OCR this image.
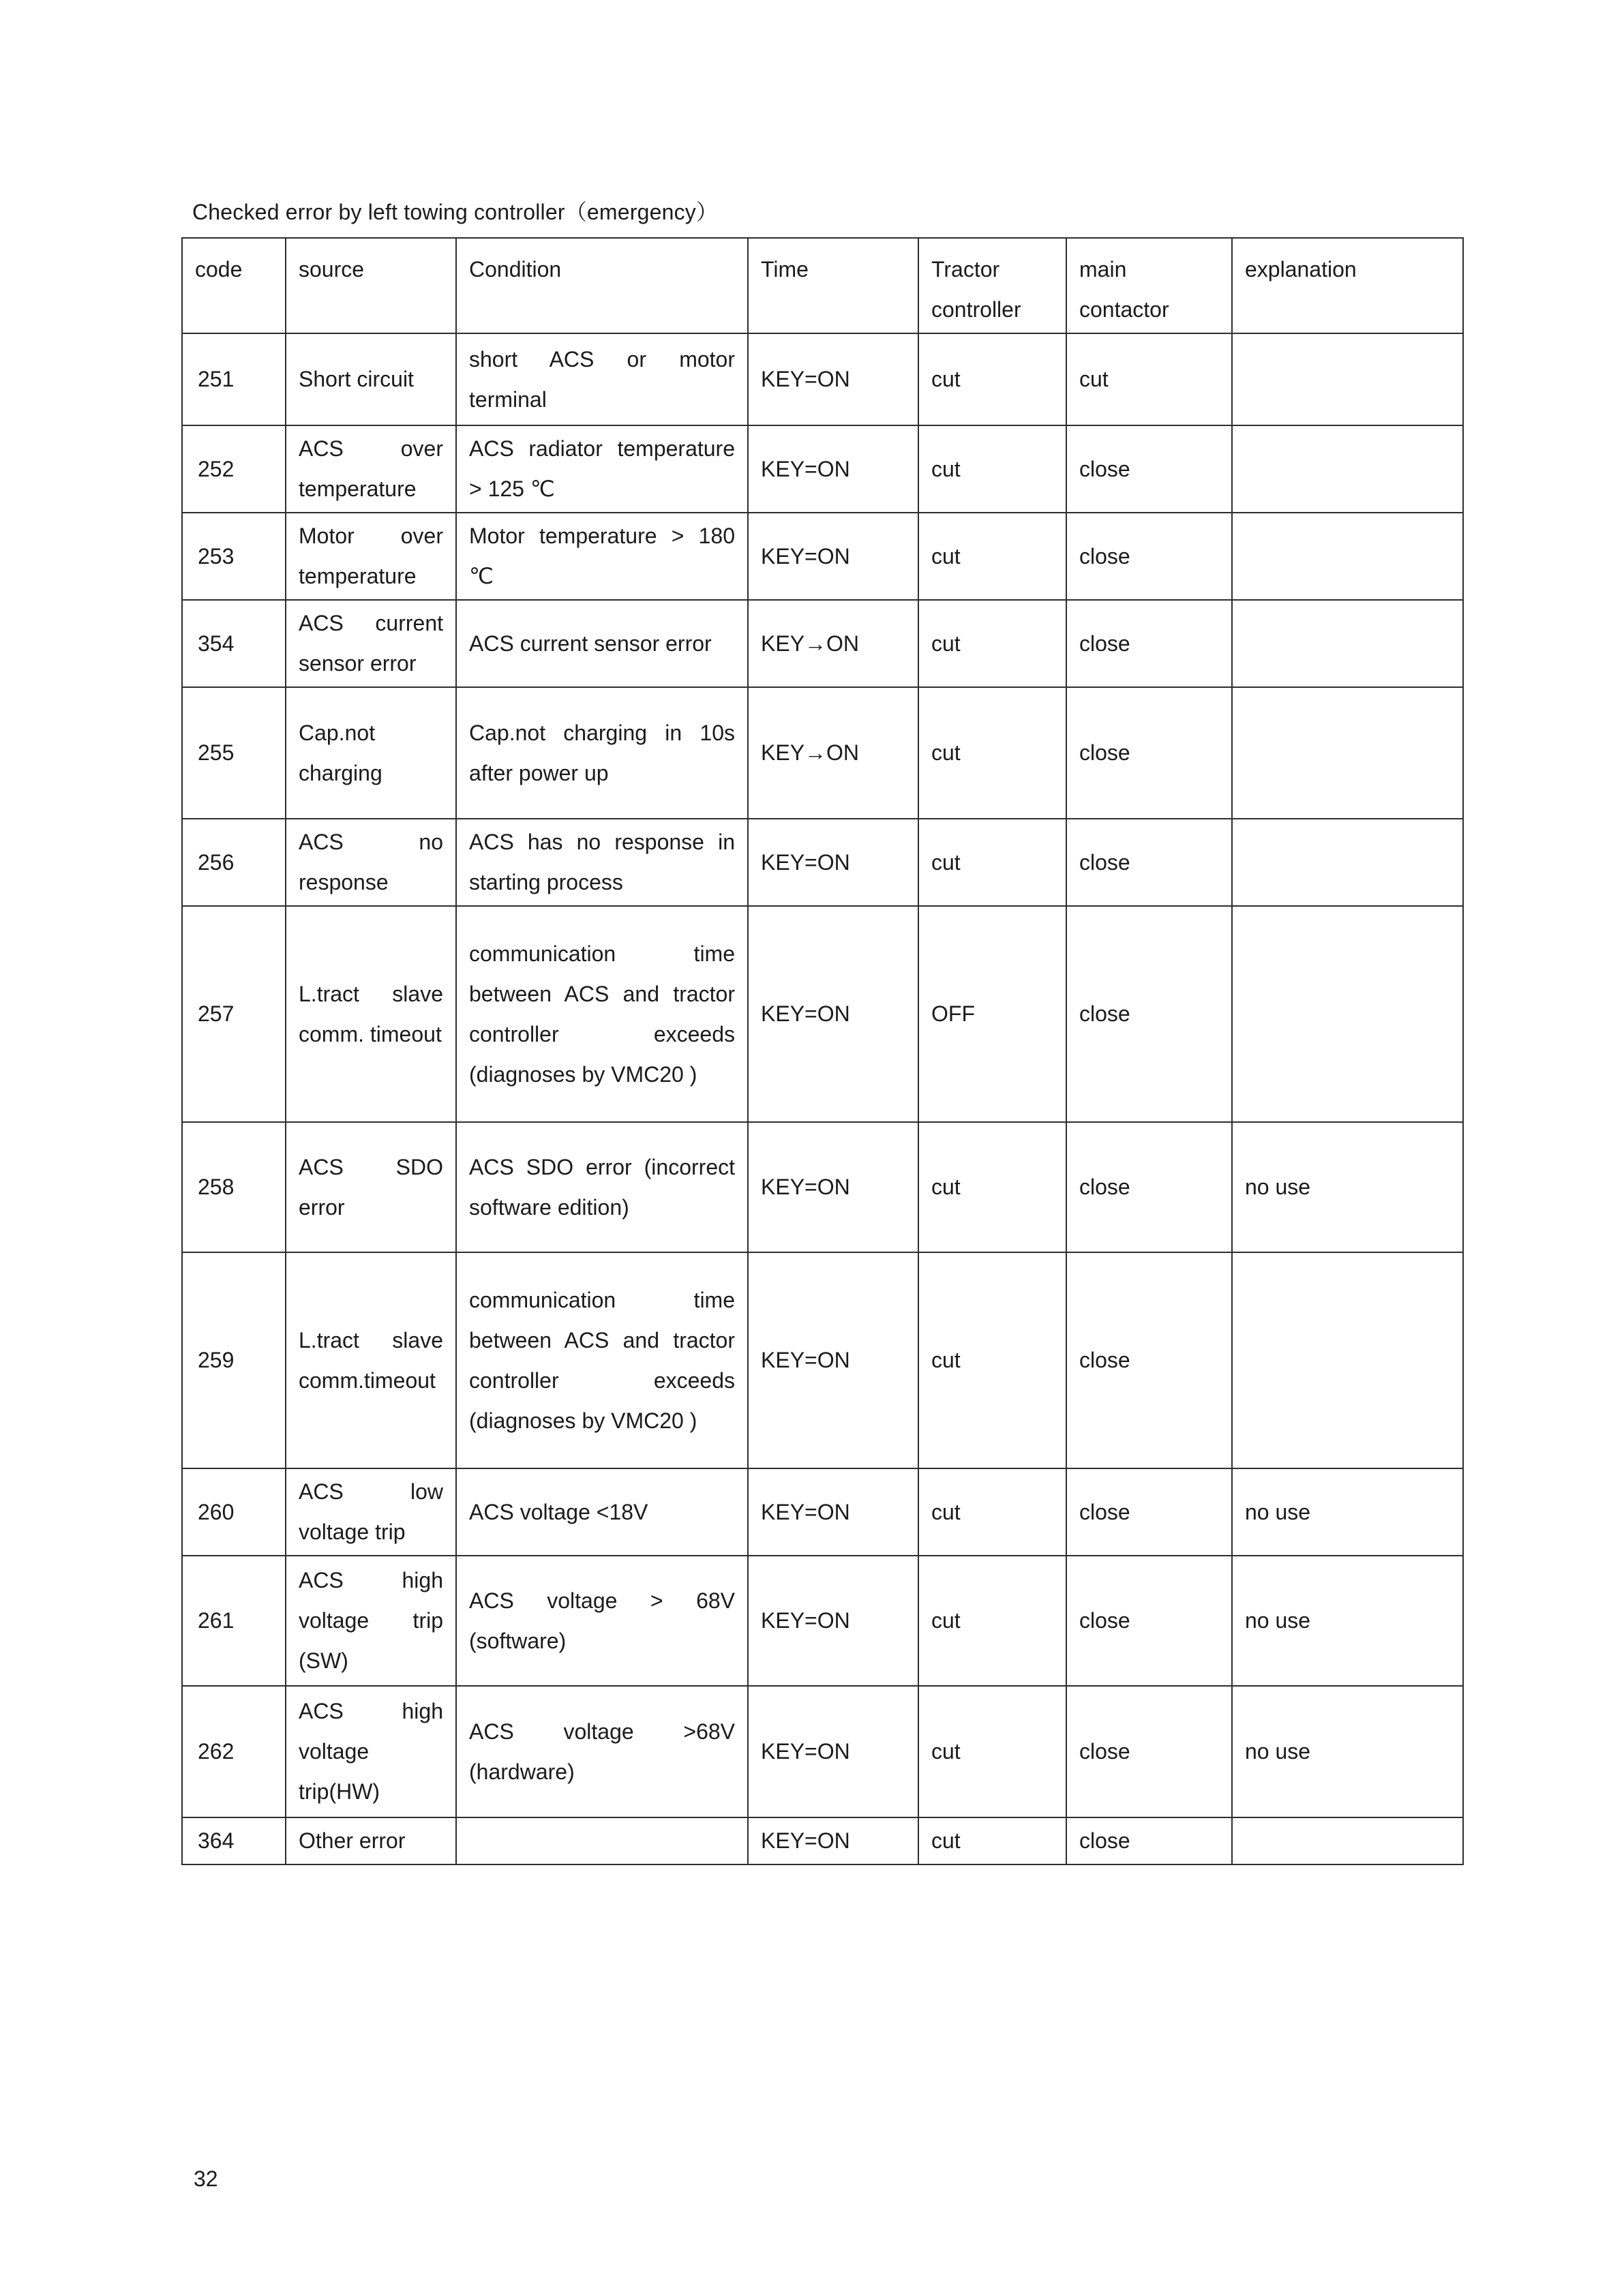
Checked error by left towing controller（emergency）
code	source	Condition	Time	Tractor controller	main contactor	explanation
251	Short circuit	short ACS or motor terminal	KEY=ON	cut	cut	
252	ACS over temperature	ACS radiator temperature > 125 ℃	KEY=ON	cut	close	
253	Motor over temperature	Motor temperature > 180 ℃	KEY=ON	cut	close	
354	ACS current sensor error	ACS current sensor error	KEY→ON	cut	close	
255	Cap.not charging	Cap.not charging in 10s after power up	KEY→ON	cut	close	
256	ACS no response	ACS has no response in starting process	KEY=ON	cut	close	
257	L.tract slave comm. timeout	communication time between ACS and tractor controller exceeds (diagnoses by VMC20 )	KEY=ON	OFF	close	
258	ACS SDO error	ACS SDO error (incorrect software edition)	KEY=ON	cut	close	no use
259	L.tract slave comm.timeout	communication time between ACS and tractor controller exceeds (diagnoses by VMC20 )	KEY=ON	cut	close	
260	ACS low voltage trip	ACS voltage <18V	KEY=ON	cut	close	no use
261	ACS high voltage trip (SW)	ACS voltage > 68V (software)	KEY=ON	cut	close	no use
262	ACS high voltage trip(HW)	ACS voltage >68V (hardware)	KEY=ON	cut	close	no use
364	Other error		KEY=ON	cut	close	
32
